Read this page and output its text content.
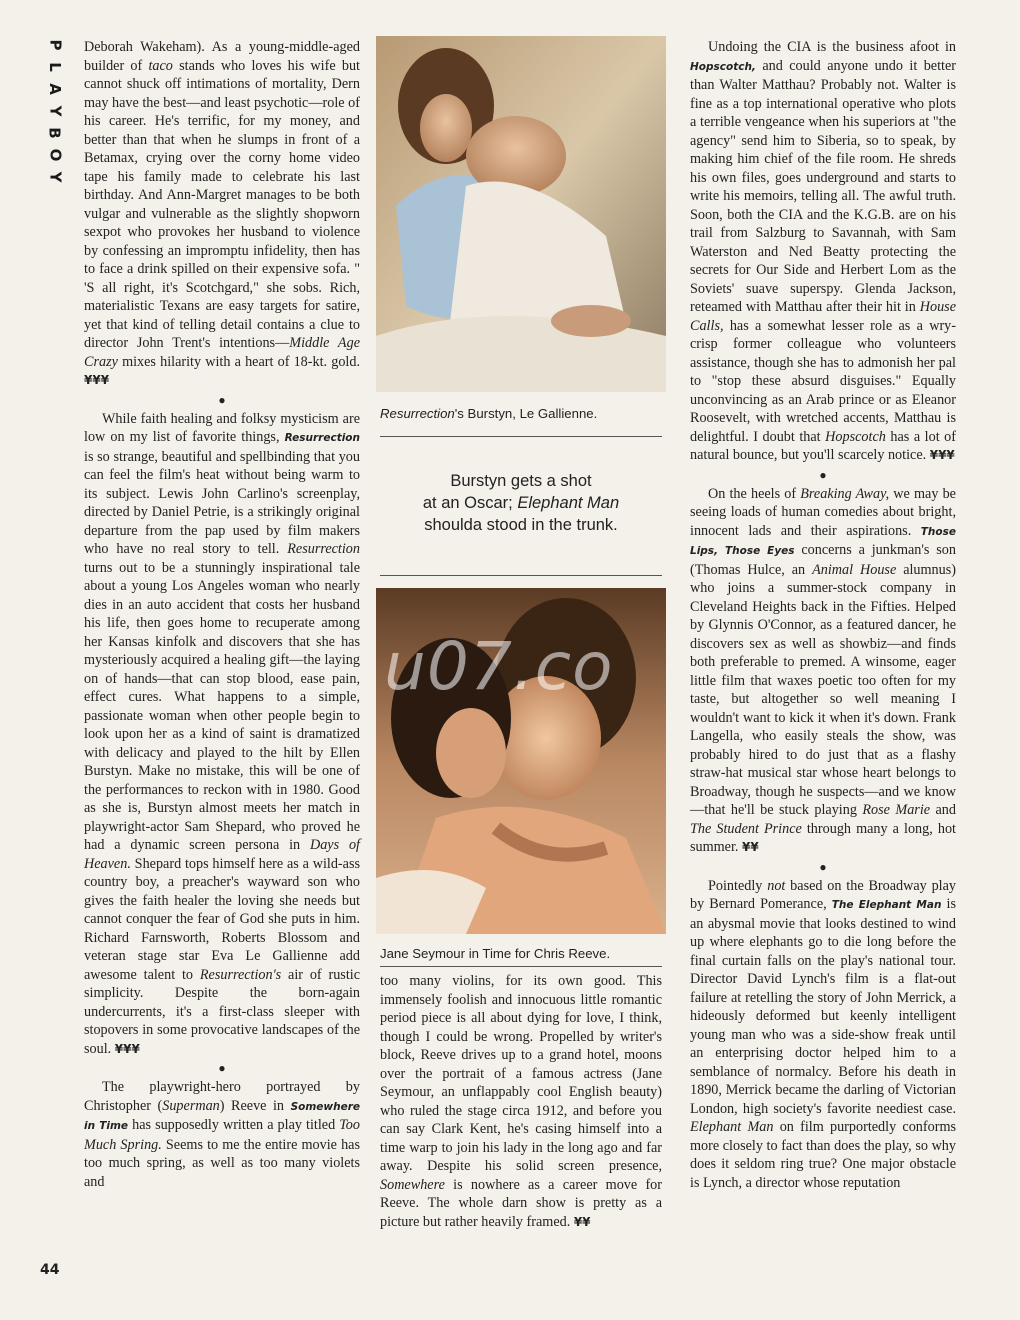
P
L
A
Y
B
O
Y

Deborah Wakeham). As a young-middle-aged builder of taco stands who loves his wife but cannot shuck off intimations of mortality, Dern may have the best—and least psychotic—role of his career. He's terrific, for my money, and better than that when he slumps in front of a Betamax, crying over the corny home video tape his family made to celebrate his last birthday. And Ann-Margret manages to be both vulgar and vulnerable as the slightly shopworn sexpot who provokes her husband to violence by confessing an impromptu infidelity, then has to face a drink spilled on their expensive sofa. " 'S all right, it's Scotchgard," she sobs. Rich, materialistic Texans are easy targets for satire, yet that kind of telling detail contains a clue to director John Trent's intentions—Middle Age Crazy mixes hilarity with a heart of 18-kt. gold. ¥¥¥

●

While faith healing and folksy mysticism are low on my list of favorite things, Resurrection is so strange, beautiful and spellbinding that you can feel the film's heat without being warm to its subject. Lewis John Carlino's screenplay, directed by Daniel Petrie, is a strikingly original departure from the pap used by film makers who have no real story to tell. Resurrection turns out to be a stunningly inspirational tale about a young Los Angeles woman who nearly dies in an auto accident that costs her husband his life, then goes home to recuperate among her Kansas kinfolk and discovers that she has mysteriously acquired a healing gift—the laying on of hands—that can stop blood, ease pain, effect cures. What happens to a simple, passionate woman when other people begin to look upon her as a kind of saint is dramatized with delicacy and played to the hilt by Ellen Burstyn. Make no mistake, this will be one of the performances to reckon with in 1980. Good as she is, Burstyn almost meets her match in playwright-actor Sam Shepard, who proved he had a dynamic screen persona in Days of Heaven. Shepard tops himself here as a wild-ass country boy, a preacher's wayward son who gives the faith healer the loving she needs but cannot conquer the fear of God she puts in him. Richard Farnsworth, Roberts Blossom and veteran stage star Eva Le Gallienne add awesome talent to Resurrection's air of rustic simplicity. Despite the born-again undercurrents, it's a first-class sleeper with stopovers in some provocative landscapes of the soul. ¥¥¥

●

The playwright-hero portrayed by Christopher (Superman) Reeve in Somewhere in Time has supposedly written a play titled Too Much Spring. Seems to me the entire movie has too much spring, as well as too many violets and

Resurrection's Burstyn, Le Gallienne.
Burstyn gets a shot
at an Oscar; Elephant Man
shoulda stood in the trunk.
u07.co
Jane Seymour in Time for Chris Reeve.

too many violins, for its own good. This immensely foolish and innocuous little romantic period piece is all about dying for love, I think, though I could be wrong. Propelled by writer's block, Reeve drives up to a grand hotel, moons over the portrait of a famous actress (Jane Seymour, an unflappably cool English beauty) who ruled the stage circa 1912, and before you can say Clark Kent, he's casing himself into a time warp to join his lady in the long ago and far away. Despite his solid screen presence, Somewhere is nowhere as a career move for Reeve. The whole darn show is pretty as a picture but rather heavily framed. ¥¥

Undoing the CIA is the business afoot in Hopscotch, and could anyone undo it better than Walter Matthau? Probably not. Walter is fine as a top international operative who plots a terrible vengeance when his superiors at "the agency" send him to Siberia, so to speak, by making him chief of the file room. He shreds his own files, goes underground and starts to write his memoirs, telling all. The awful truth. Soon, both the CIA and the K.G.B. are on his trail from Salzburg to Savannah, with Sam Waterston and Ned Beatty protecting the secrets for Our Side and Herbert Lom as the Soviets' suave superspy. Glenda Jackson, reteamed with Matthau after their hit in House Calls, has a somewhat lesser role as a wry-crisp former colleague who volunteers assistance, though she has to admonish her pal to "stop these absurd disguises." Equally unconvincing as an Arab prince or as Eleanor Roosevelt, with wretched accents, Matthau is delightful. I doubt that Hopscotch has a lot of natural bounce, but you'll scarcely notice. ¥¥¥

●

On the heels of Breaking Away, we may be seeing loads of human comedies about bright, innocent lads and their aspirations. Those Lips, Those Eyes concerns a junkman's son (Thomas Hulce, an Animal House alumnus) who joins a summer-stock company in Cleveland Heights back in the Fifties. Helped by Glynnis O'Connor, as a featured dancer, he discovers sex as well as showbiz—and finds both preferable to premed. A winsome, eager little film that waxes poetic too often for my taste, but altogether so well meaning I wouldn't want to kick it when it's down. Frank Langella, who easily steals the show, was probably hired to do just that as a flashy straw-hat musical star whose heart belongs to Broadway, though he suspects—and we know—that he'll be stuck playing Rose Marie and The Student Prince through many a long, hot summer. ¥¥

●

Pointedly not based on the Broadway play by Bernard Pomerance, The Elephant Man is an abysmal movie that looks destined to wind up where elephants go to die long before the final curtain falls on the play's national tour. Director David Lynch's film is a flat-out failure at retelling the story of John Merrick, a hideously deformed but keenly intelligent young man who was a side-show freak until an enterprising doctor helped him to a semblance of normalcy. Before his death in 1890, Merrick became the darling of Victorian London, high society's favorite neediest case. Elephant Man on film purportedly conforms more closely to fact than does the play, so why does it seldom ring true? One major obstacle is Lynch, a director whose reputation

44
